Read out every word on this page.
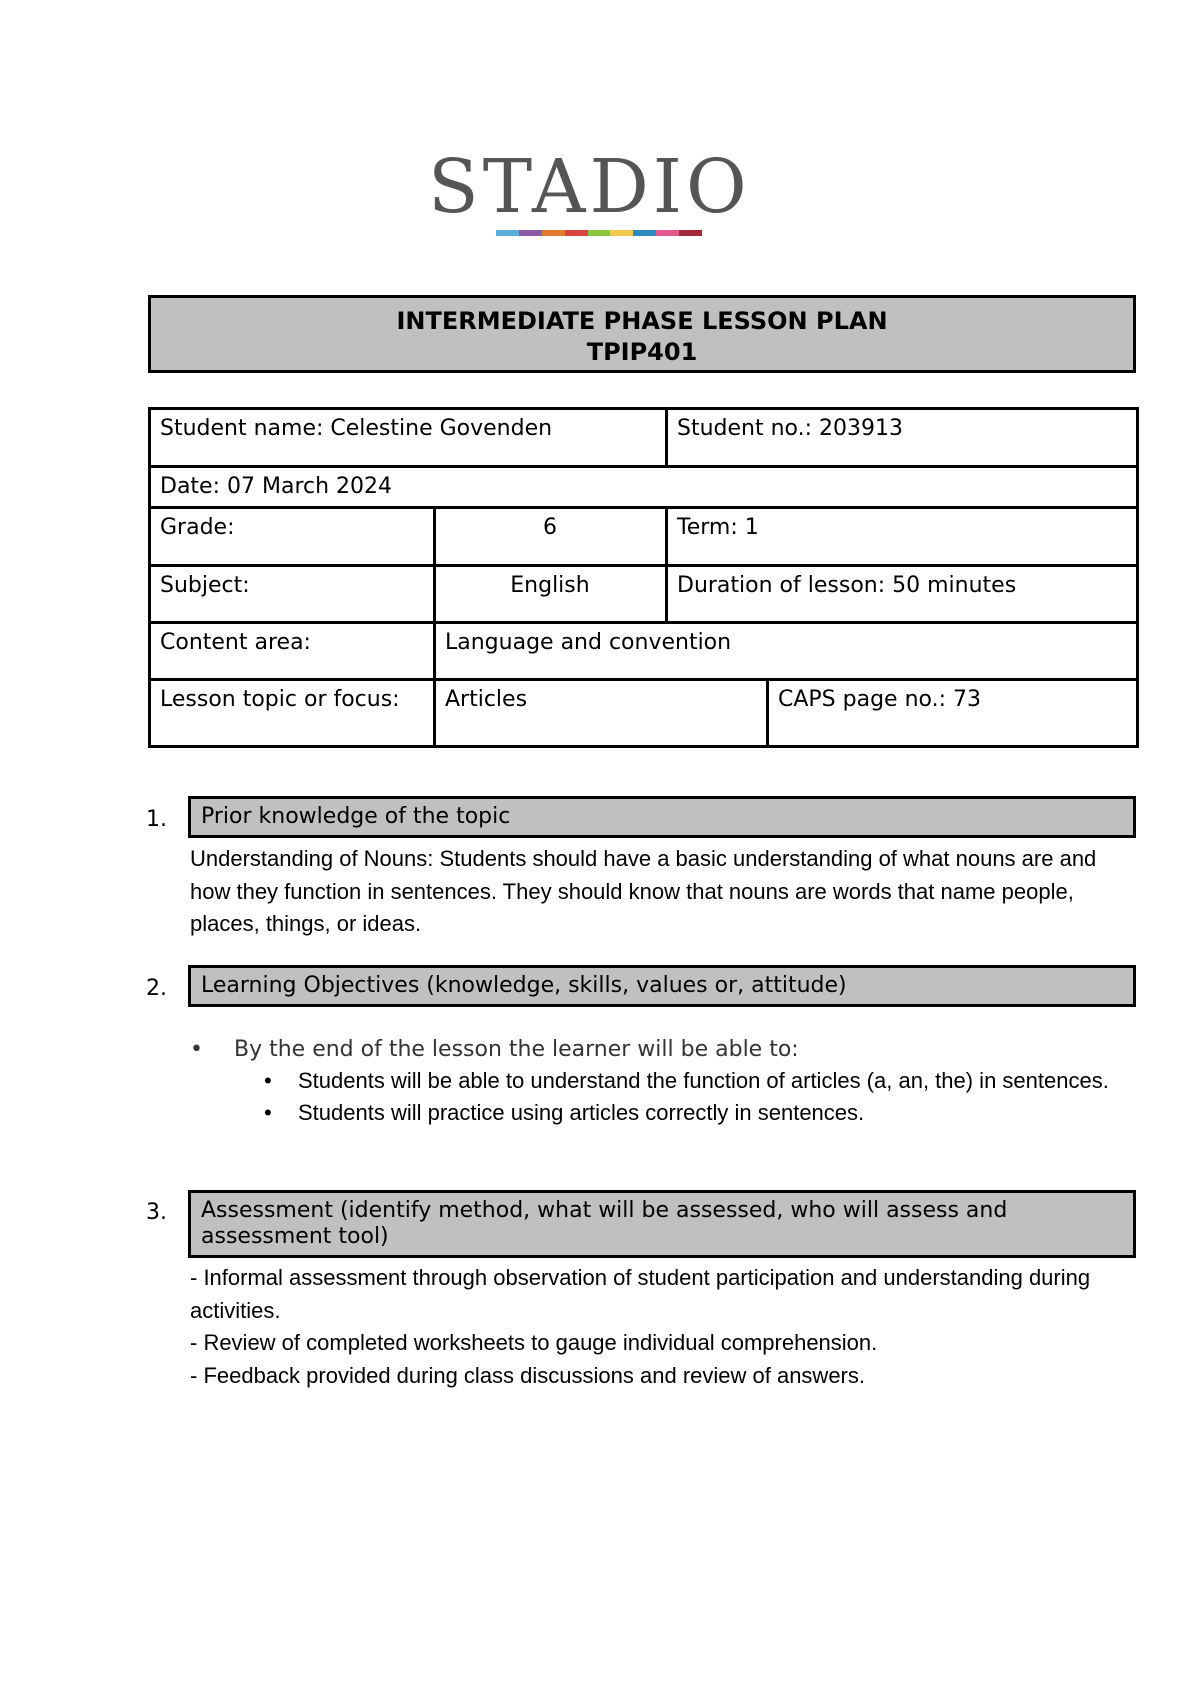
STADIO
INTERMEDIATE PHASE LESSON PLAN
TPIP401
Student name: Celestine Govenden		Student no.: 203913	
Date: 07 March 2024			
Grade:	6	Term: 1	
Subject:	English	Duration of lesson: 50 minutes	
Content area:	Language and convention		
Lesson topic or focus:	Articles		CAPS page no.: 73
1.	Prior knowledge of the topic
Understanding of Nouns: Students should have a basic understanding of what nouns are and how they function in sentences. They should know that nouns are words that name people, places, things, or ideas.
2.	Learning Objectives (knowledge, skills, values or, attitude)
• By the end of the lesson the learner will be able to:
• Students will be able to understand the function of articles (a, an, the) in sentences.
• Students will practice using articles correctly in sentences.
3.	Assessment (identify method, what will be assessed, who will assess and assessment tool)
- Informal assessment through observation of student participation and understanding during activities.
- Review of completed worksheets to gauge individual comprehension.
- Feedback provided during class discussions and review of answers.
